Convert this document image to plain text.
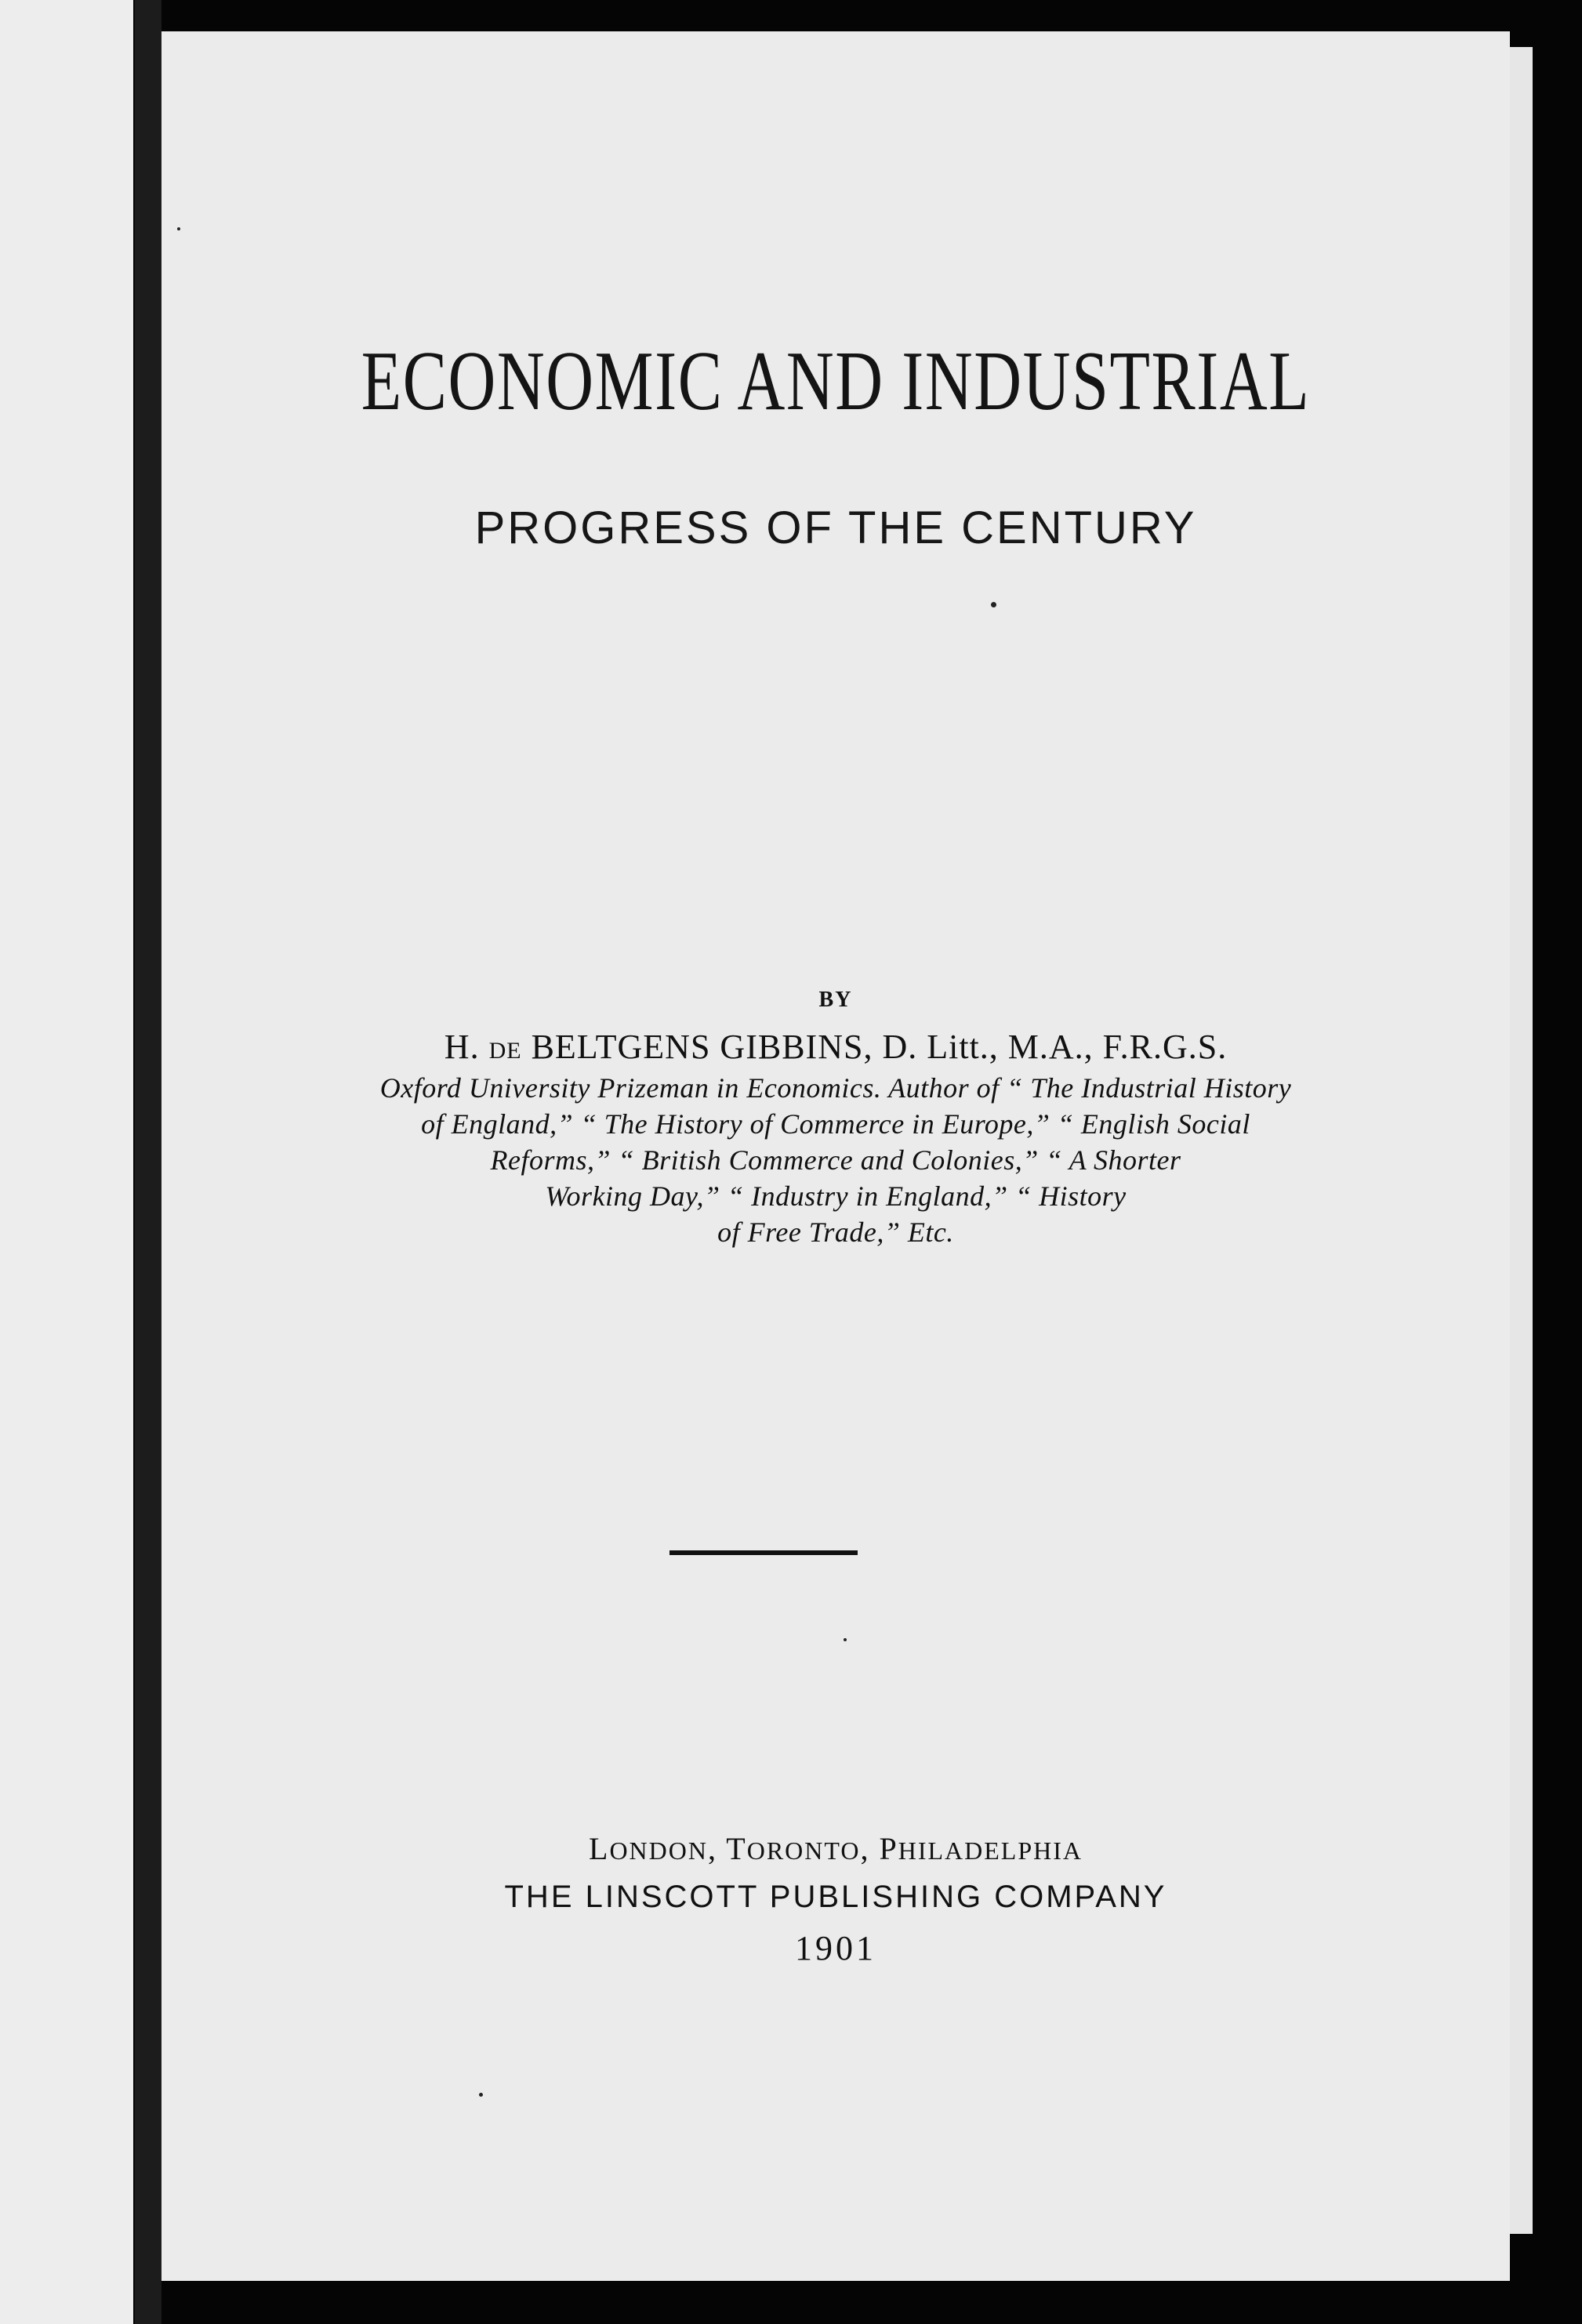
ECONOMIC AND INDUSTRIAL
PROGRESS OF THE CENTURY
BY
H. DE BELTGENS GIBBINS, D. Litt., M.A., F.R.G.S.
Oxford University Prizeman in Economics. Author of “ The Industrial History
of England,” “ The History of Commerce in Europe,” “ English Social
Reforms,” “ British Commerce and Colonies,” “ A Shorter
Working Day,” “ Industry in England,” “ History
of Free Trade,” Etc.
LONDON, TORONTO, PHILADELPHIA
THE LINSCOTT PUBLISHING COMPANY
1901
